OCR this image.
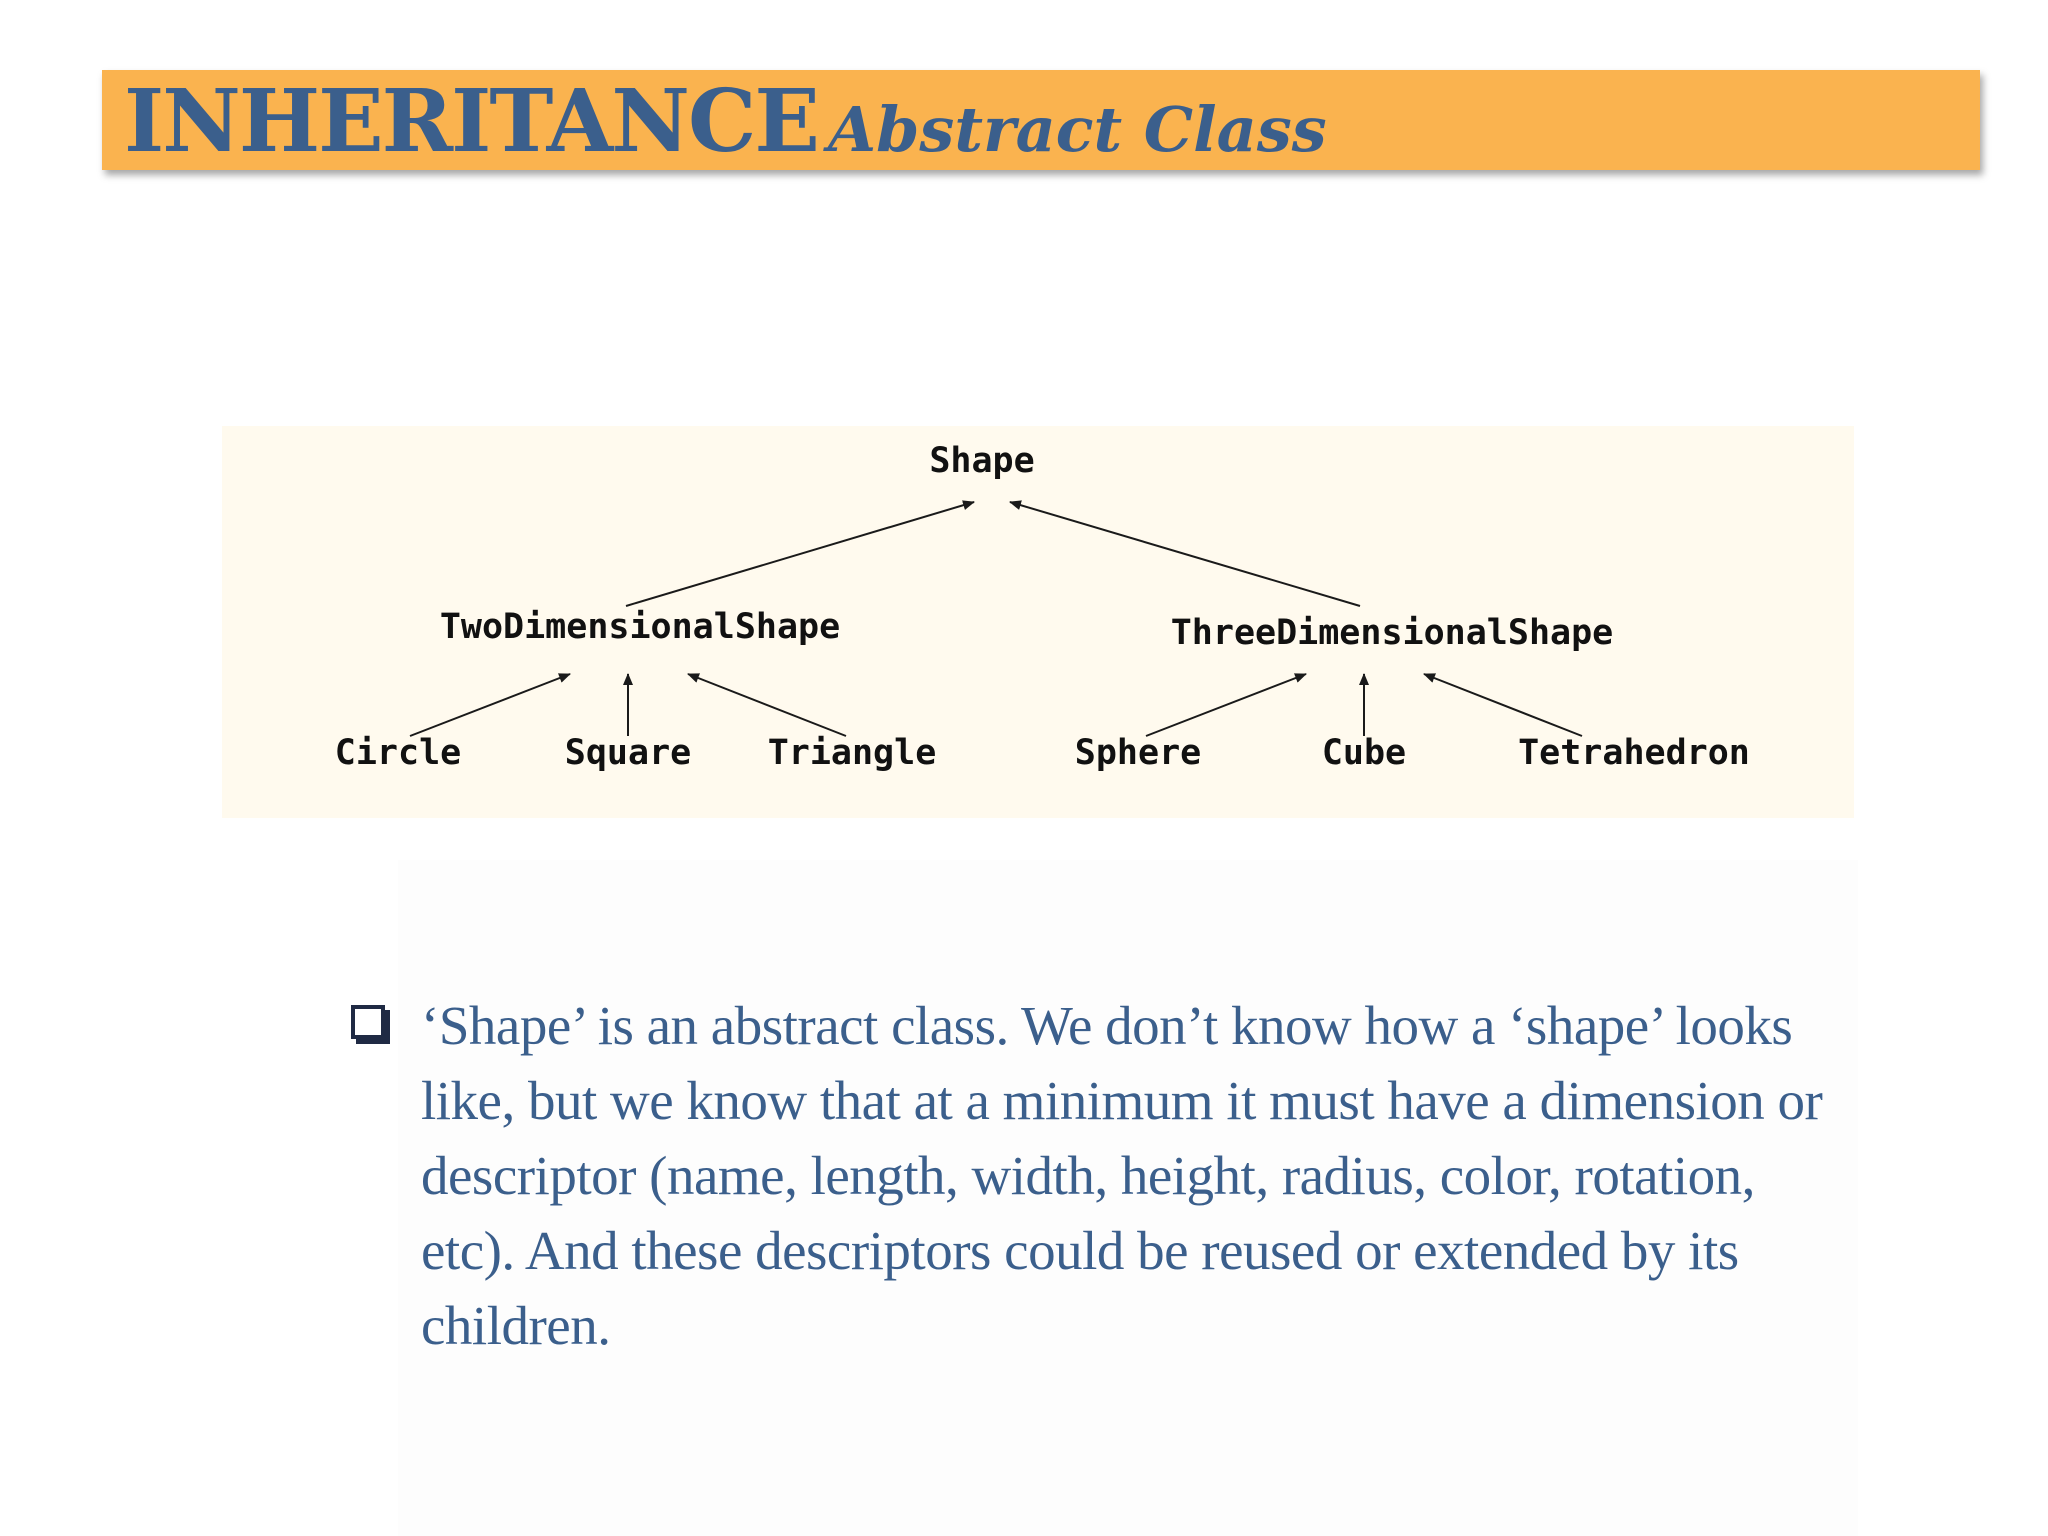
INHERITANCE Abstract Class
Shape
TwoDimensionalShape	ThreeDimensionalShape
Circle	Square Triangle	Sphere	Cube	Tetrahedron
‘Shape’ is an abstract class. We don’t know how a ‘shape’ looks like, but we know that at a minimum it must have a dimension or descriptor (name, length, width, height, radius, color, rotation, etc). And these descriptors could be reused or extended by its children.
